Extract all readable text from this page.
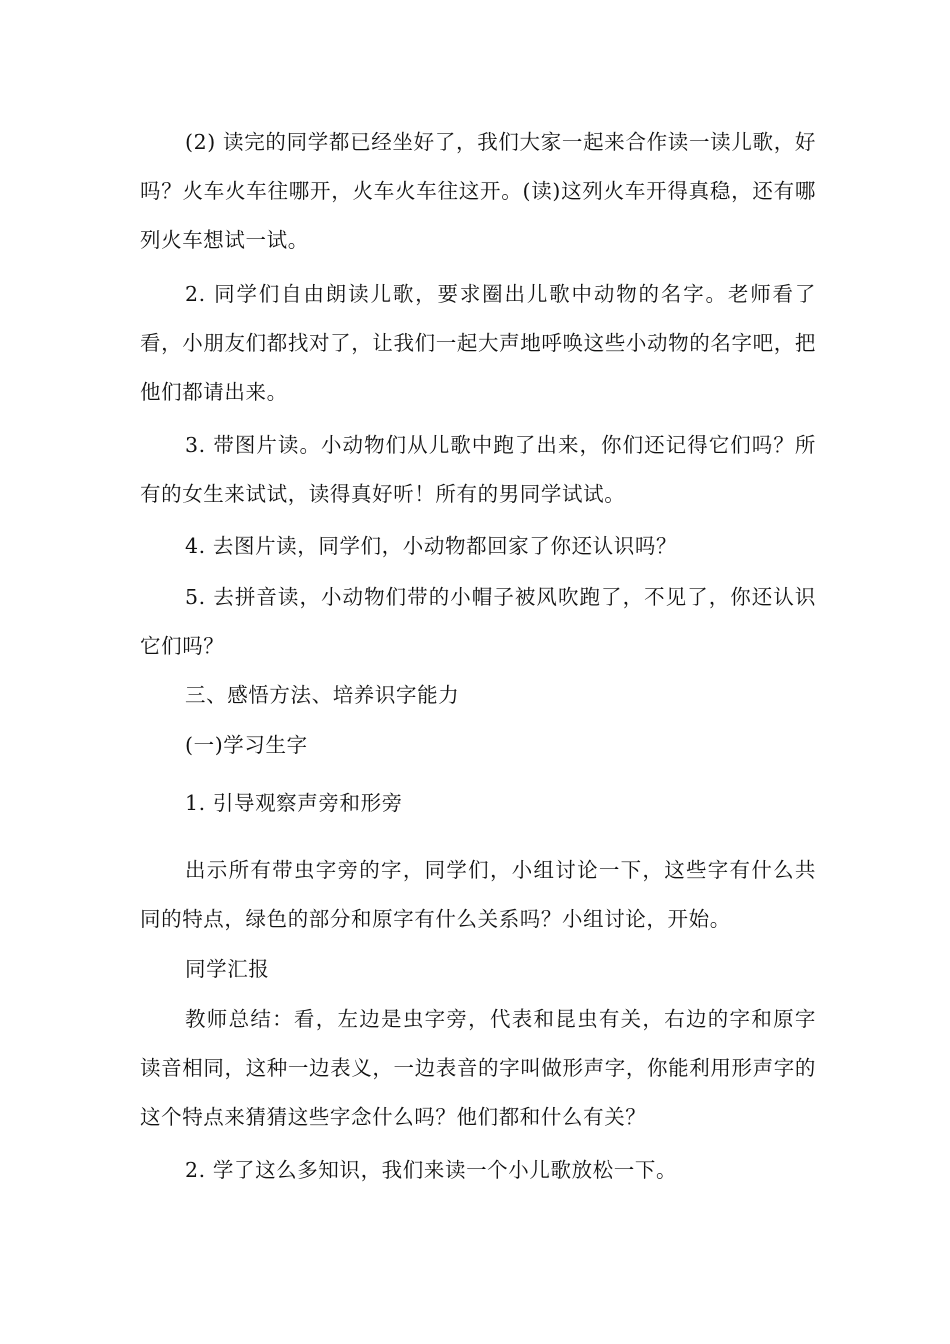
(2) 读完的同学都已经坐好了，我们大家一起来合作读一读儿歌，好吗？火车火车往哪开，火车火车往这开。(读)这列火车开得真稳，还有哪列火车想试一试。

2. 同学们自由朗读儿歌，要求圈出儿歌中动物的名字。老师看了看，小朋友们都找对了，让我们一起大声地呼唤这些小动物的名字吧，把他们都请出来。

3. 带图片读。小动物们从儿歌中跑了出来，你们还记得它们吗？所有的女生来试试，读得真好听！所有的男同学试试。

4. 去图片读，同学们，小动物都回家了你还认识吗？

5. 去拼音读，小动物们带的小帽子被风吹跑了，不见了，你还认识它们吗？

三、感悟方法、培养识字能力

(一)学习生字

1. 引导观察声旁和形旁

出示所有带虫字旁的字，同学们，小组讨论一下，这些字有什么共同的特点，绿色的部分和原字有什么关系吗？小组讨论，开始。

同学汇报

教师总结：看，左边是虫字旁，代表和昆虫有关，右边的字和原字读音相同，这种一边表义，一边表音的字叫做形声字，你能利用形声字的这个特点来猜猜这些字念什么吗？他们都和什么有关？

2. 学了这么多知识，我们来读一个小儿歌放松一下。
